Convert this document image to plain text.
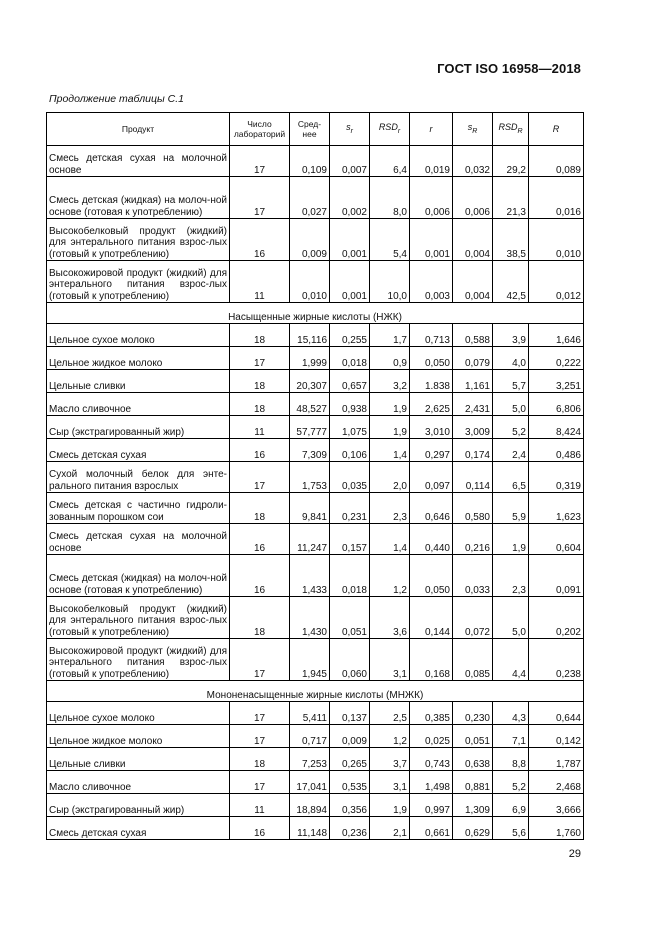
ГОСТ ISO 16958—2018
Продолжение таблицы С.1
Продукт	Число лабораторий	Сред-нее	$s_r$	$RSD_r$	r	$s_R$	$RSD_R$	R
Смесь детская сухая на молочной основе	17	0,109	0,007	6,4	0,019	0,032	29,2	0,089
Смесь детская (жидкая) на молоч-ной основе (готовая к употреблению)	17	0,027	0,002	8,0	0,006	0,006	21,3	0,016
Высокобелковый продукт (жидкий) для энтерального питания взрос-лых (готовый к употреблению)	16	0,009	0,001	5,4	0,001	0,004	38,5	0,010
Высокожировой продукт (жидкий) для энтерального питания взрос-лых (готовый к употреблению)	11	0,010	0,001	10,0	0,003	0,004	42,5	0,012
Насыщенные жирные кислоты (НЖК)								
Цельное сухое молоко	18	15,116	0,255	1,7	0,713	0,588	3,9	1,646
Цельное жидкое молоко	17	1,999	0,018	0,9	0,050	0,079	4,0	0,222
Цельные сливки	18	20,307	0,657	3,2	1.838	1,161	5,7	3,251
Масло сливочное	18	48,527	0,938	1,9	2,625	2,431	5,0	6,806
Сыр (экстрагированный жир)	11	57,777	1,075	1,9	3,010	3,009	5,2	8,424
Смесь детская сухая	16	7,309	0,106	1,4	0,297	0,174	2,4	0,486
Сухой молочный белок для энте-рального питания взрослых	17	1,753	0,035	2,0	0,097	0,114	6,5	0,319
Смесь детская с частично гидроли-зованным порошком сои	18	9,841	0,231	2,3	0,646	0,580	5,9	1,623
Смесь детская сухая на молочной основе	16	11,247	0,157	1,4	0,440	0,216	1,9	0,604
Смесь детская (жидкая) на молоч-ной основе (готовая к употреблению)	16	1,433	0,018	1,2	0,050	0,033	2,3	0,091
Высокобелковый продукт (жидкий) для энтерального питания взрос-лых (готовый к употреблению)	18	1,430	0,051	3,6	0,144	0,072	5,0	0,202
Высокожировой продукт (жидкий) для энтерального питания взрос-лых (готовый к употреблению)	17	1,945	0,060	3,1	0,168	0,085	4,4	0,238
Мононенасыщенные жирные кислоты (МНЖК)								
Цельное сухое молоко	17	5,411	0,137	2,5	0,385	0,230	4,3	0,644
Цельное жидкое молоко	17	0,717	0,009	1,2	0,025	0,051	7,1	0,142
Цельные сливки	18	7,253	0,265	3,7	0,743	0,638	8,8	1,787
Масло сливочное	17	17,041	0,535	3,1	1,498	0,881	5,2	2,468
Сыр (экстрагированный жир)	11	18,894	0,356	1,9	0,997	1,309	6,9	3,666
Смесь детская сухая	16	11,148	0,236	2,1	0,661	0,629	5,6	1,760
29
